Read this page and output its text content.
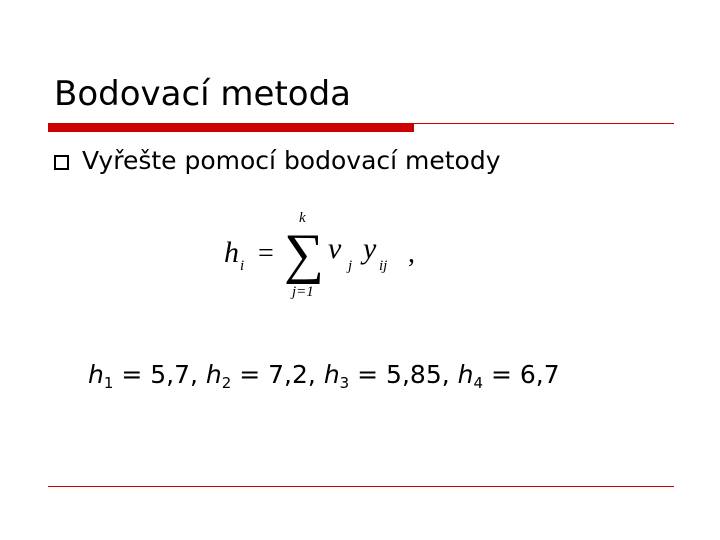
Bodovací metoda
Vyřešte pomocí bodovací metody
h i =
k
∑
j=1
v
j
y
ij ,
$h_1 = 5,7$, $h_2 = 7,2$, $h_3 = 5,85$, $h_4 = 6,7$
